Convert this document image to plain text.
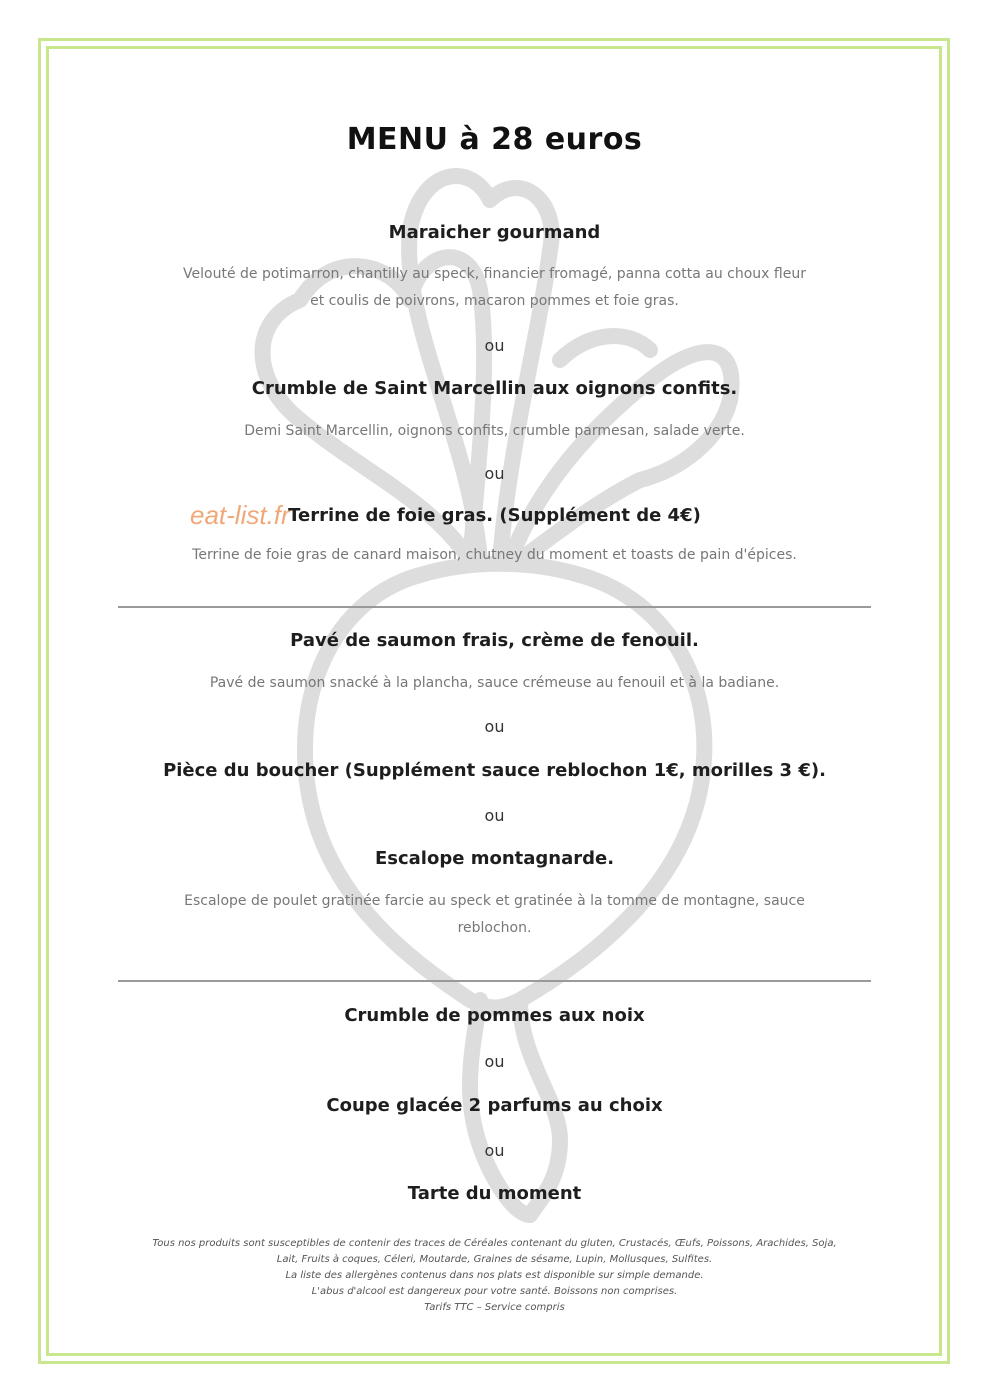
eat-list.fr
MENU à 28 euros
Maraicher gourmand
Velouté de potimarron, chantilly au speck, financier fromagé, panna cotta au choux fleur
et coulis de poivrons, macaron pommes et foie gras.
ou
Crumble de Saint Marcellin aux oignons confits.
Demi Saint Marcellin, oignons confits, crumble parmesan, salade verte.
ou
Terrine de foie gras. (Supplément de 4€)
Terrine de foie gras de canard maison, chutney du moment et toasts de pain d'épices.
Pavé de saumon frais, crème de fenouil.
Pavé de saumon snacké à la plancha, sauce crémeuse au fenouil et à la badiane.
ou
Pièce du boucher (Supplément sauce reblochon 1€, morilles 3 €).
ou
Escalope montagnarde.
Escalope de poulet gratinée farcie au speck et gratinée à la tomme de montagne, sauce
reblochon.
Crumble de pommes aux noix
ou
Coupe glacée 2 parfums au choix
ou
Tarte du moment
Tous nos produits sont susceptibles de contenir des traces de Céréales contenant du gluten, Crustacés, Œufs, Poissons, Arachides, Soja,
Lait, Fruits à coques, Céleri, Moutarde, Graines de sésame, Lupin, Mollusques, Sulfites.
La liste des allergènes contenus dans nos plats est disponible sur simple demande.
L'abus d'alcool est dangereux pour votre santé. Boissons non comprises.
Tarifs TTC – Service compris
